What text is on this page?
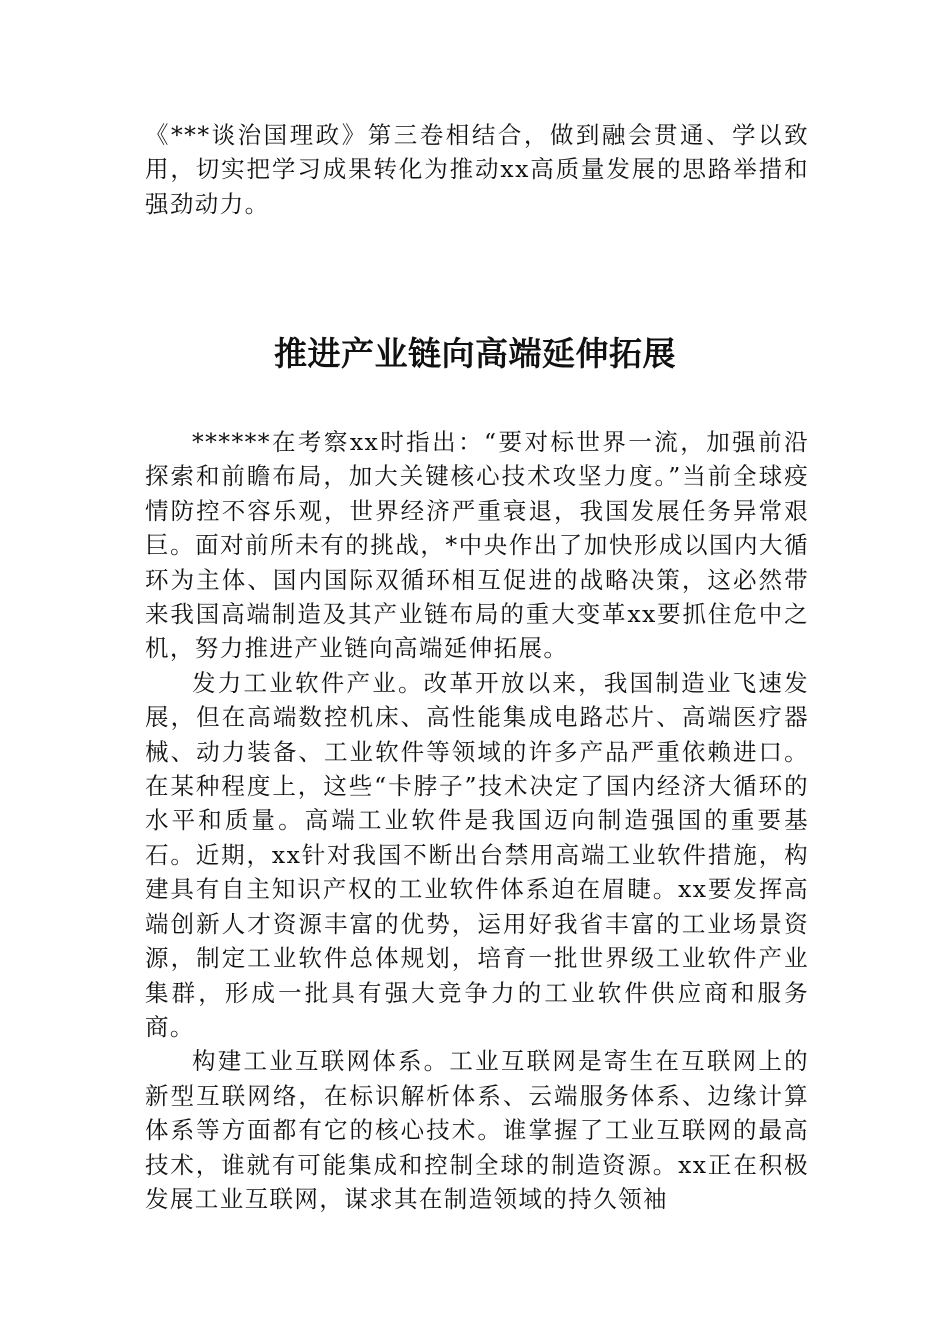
《***谈治国理政》第三卷相结合，做到融会贯通、学以致用，切实把学习成果转化为推动xx高质量发展的思路举措和强劲动力。

推进产业链向高端延伸拓展

******在考察xx时指出：“要对标世界一流，加强前沿探索和前瞻布局，加大关键核心技术攻坚力度。”当前全球疫情防控不容乐观，世界经济严重衰退，我国发展任务异常艰巨。面对前所未有的挑战，*中央作出了加快形成以国内大循环为主体、国内国际双循环相互促进的战略决策，这必然带来我国高端制造及其产业链布局的重大变革xx要抓住危中之机，努力推进产业链向高端延伸拓展。

发力工业软件产业。改革开放以来，我国制造业飞速发展，但在高端数控机床、高性能集成电路芯片、高端医疗器械、动力装备、工业软件等领域的许多产品严重依赖进口。在某种程度上，这些“卡脖子”技术决定了国内经济大循环的水平和质量。高端工业软件是我国迈向制造强国的重要基石。近期，xx针对我国不断出台禁用高端工业软件措施，构建具有自主知识产权的工业软件体系迫在眉睫。xx要发挥高端创新人才资源丰富的优势，运用好我省丰富的工业场景资源，制定工业软件总体规划，培育一批世界级工业软件产业集群，形成一批具有强大竞争力的工业软件供应商和服务商。

构建工业互联网体系。工业互联网是寄生在互联网上的新型互联网络，在标识解析体系、云端服务体系、边缘计算体系等方面都有它的核心技术。谁掌握了工业互联网的最高技术，谁就有可能集成和控制全球的制造资源。xx正在积极发展工业互联网，谋求其在制造领域的持久领袖
